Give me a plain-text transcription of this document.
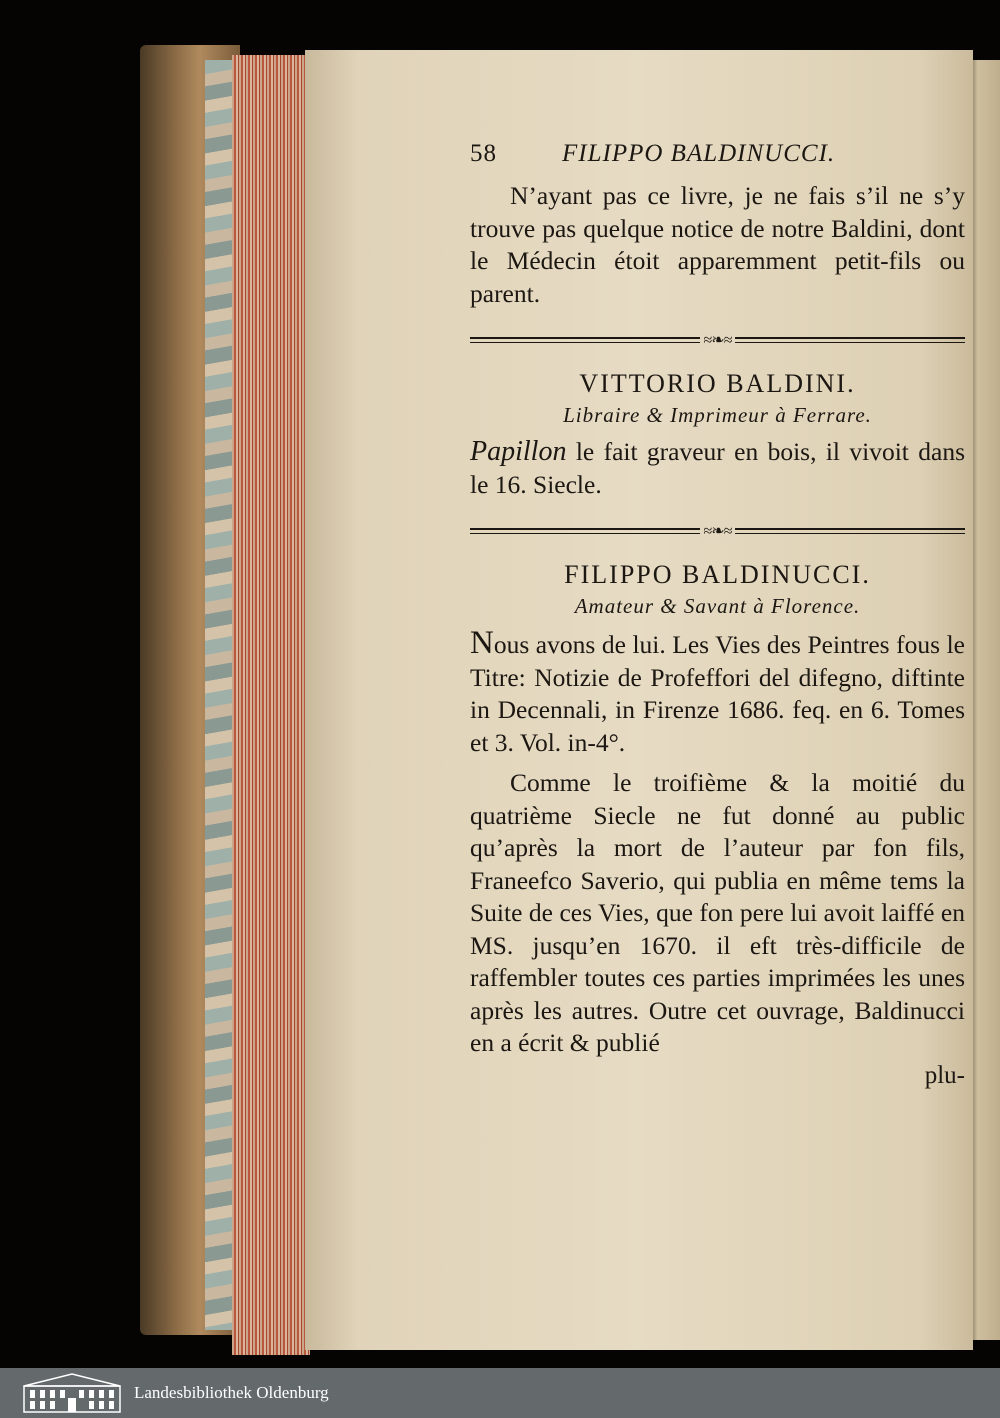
58	FILIPPO BALDINUCCI.

N’ayant pas ce livre, je ne fais s’il ne s’y trouve pas quelque notice de notre Baldini, dont le Médecin étoit apparemment petit-fils ou parent.

≈❧≈
VITTORIO BALDINI.
Libraire & Imprimeur à Ferrare.

Papillon le fait graveur en bois, il vivoit dans le 16. Siecle.

≈❧≈
FILIPPO BALDINUCCI.
Amateur & Savant à Florence.

Nous avons de lui. Les Vies des Peintres fous le Titre: Notizie de Profeffori del difegno, diftinte in Decennali, in Firenze 1686. feq. en 6. Tomes et 3. Vol. in-4°.

Comme le troifième & la moitié du quatrième Siecle ne fut donné au public qu’après la mort de l’auteur par fon fils, Franeefco Saverio, qui publia en même tems la Suite de ces Vies, que fon pere lui avoit laiffé en MS. jusqu’en 1670. il eft très-difficile de raffembler toutes ces parties imprimées les unes après les autres. Outre cet ouvrage, Baldinucci en a écrit & publié

plu-
Landesbibliothek Oldenburg
